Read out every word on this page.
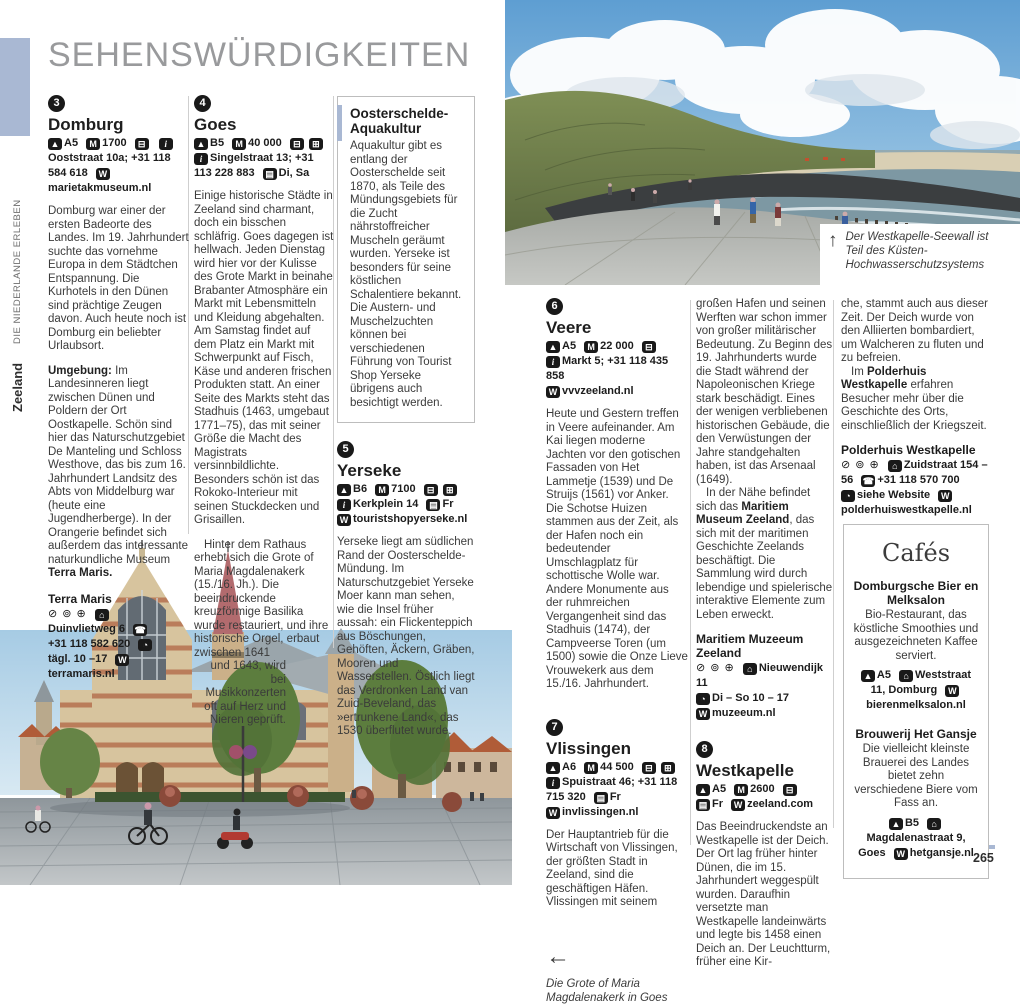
Zeeland  DIE NIEDERLANDE ERLEBEN
SEHENSWÜRDIGKEITEN
3
Domburg
▲ A5 M 1700 ⊟ iOoststraat 10a; +31 118 584 618 Wmarietakmuseum.nl

Domburg war einer der ersten Badeorte des Landes. Im 19. Jahrhundert suchte das vornehme Europa in dem Städtchen Entspannung. Die Kurhotels in den Dünen sind prächtige Zeugen davon. Auch heute noch ist Domburg ein beliebter Urlaubsort.

Umgebung: Im Landesinneren liegt zwischen Dünen und Poldern der Ort Oostkapelle. Schön sind hier das Naturschutzgebiet De Manteling und Schloss Westhove, das bis zum 16. Jahrhundert Landsitz des Abts von Middelburg war (heute eine Jugendherberge). In der Orangerie befindet sich außerdem das interessante naturkundliche Museum Terra Maris.

Terra Maris
⊘ ⊚ ⊕ ⌂Duinvlietweg 6 ☎+31 118 582 620 ◔tägl. 10 –17 Wterramaris.nl
4
Goes
▲ B5 M 40 000 ⊟ ⊞ i Singelstraat 13; +31 113 228 883 ▤ Di, Sa

Einige historische Städte in Zeeland sind charmant, doch ein bisschen schläfrig. Goes dagegen ist hellwach. Jeden Dienstag wird hier vor der Kulisse des Grote Markt in beinahe Brabanter Atmosphäre ein Markt mit Lebensmitteln und Kleidung abgehalten. Am Samstag findet auf dem Platz ein Markt mit Schwerpunkt auf Fisch, Käse und anderen frischen Produkten statt. An einer Seite des Markts steht das Stadhuis (1463, umgebaut 1771–75), das mit seiner Größe die Macht des Magistrats versinnbildlichte. Besonders schön ist das Rokoko-Interieur mit seinen Stuckdecken und Grisaillen.

Hinter dem Rathaus erhebt sich die Grote of Maria Magdalenakerk (15./16. Jh.). Die beeindruckende kreuzförmige Basilika wurde restauriert, und ihre historische Orgel, erbaut zwischen 1641

und 1643, wird bei Musikkonzerten oft auf Herz und Nieren geprüft.

Oosterschelde-Aquakultur
Aquakultur gibt es entlang der Oosterschelde seit 1870, als Teile des Mündungsgebiets für die Zucht nährstoffreicher Muscheln geräumt wurden. Yerseke ist besonders für seine köstlichen Schalentiere bekannt. Die Austern- und Muschelzuchten können bei verschiedenen Führung von Tourist Shop Yerseke übrigens auch besichtigt werden.
5
Yerseke
▲ B6 M 7100 ⊟ ⊞
i Kerkplein 14 ▤ Fr
W touristshopyerseke.nl

Yerseke liegt am südlichen Rand der Oosterschelde-Mündung. Im Naturschutzgebiet Yerseke Moer kann man sehen, wie die Insel früher aussah: ein Flickenteppich aus Böschungen, Gehöften, Äckern, Gräben, Mooren und Wasserstellen. Östlich liegt das Verdronken Land van Zuid-Beveland, das »ertrunkene Land«, das 1530 überflutet wurde.

↑ Der Westkapelle-Seewall ist Teil des Küsten-Hochwasserschutzsystems
6
Veere
▲ A5 M 22 000 ⊟
i Markt 5; +31 118 435 858
W vvvzeeland.nl

Heute und Gestern treffen in Veere aufeinander. Am Kai liegen moderne Jachten vor den gotischen Fassaden von Het Lammetje (1539) und De Struijs (1561) vor Anker. Die Schotse Huizen stammen aus der Zeit, als der Hafen noch ein bedeutender Umschlagplatz für schottische Wolle war. Andere Monumente aus der ruhmreichen Vergangenheit sind das Stadhuis (1474), der Campveerse Toren (um 1500) sowie die Onze Lieve Vrouwekerk aus dem 15./16. Jahrhundert.

7
Vlissingen
▲ A6 M 44 500 ⊟ ⊞
i Spuistraat 46; +31 118 715 320 ▤ Fr
W invlissingen.nl

Der Hauptantrieb für die Wirtschaft von Vlissingen, der größten Stadt in Zeeland, sind die geschäftigen Häfen. Vlissingen mit seinem

←
Die Grote of Maria Magdalenakerk in Goes

großen Hafen und seinen Werften war schon immer von großer militärischer Bedeutung. Zu Beginn des 19. Jahrhunderts wurde die Stadt während der Napoleonischen Kriege stark beschädigt. Eines der wenigen verbliebenen historischen Gebäude, die den Verwüstungen der Jahre standgehalten haben, ist das Arsenaal (1649).

In der Nähe befindet sich das Maritiem Museum Zeeland, das sich mit der maritimen Geschichte Zeelands beschäftigt. Die Sammlung wird durch lebendige und spielerische interaktive Elemente zum Leben erweckt.

Maritiem Muzeeum Zeeland
⊘ ⊚ ⊕ ⌂ Nieuwendijk 11
◔ Di – So 10 – 17
W muzeeum.nl
8
Westkapelle
▲ A5 M 2600 ⊟
▤ Fr W zeeland.com

Das Beeindruckendste an Westkapelle ist der Deich. Der Ort lag früher hinter Dünen, die im 15. Jahrhundert weggespült wurden. Daraufhin versetzte man Westkapelle landeinwärts und legte bis 1458 einen Deich an. Der Leuchtturm, früher eine Kir-

che, stammt auch aus dieser Zeit. Der Deich wurde von den Alliierten bombardiert, um Walcheren zu fluten und zu befreien.

Im Polderhuis Westkapelle erfahren Besucher mehr über die Geschichte des Orts, einschließlich der Kriegszeit.

Polderhuis Westkapelle
⊘ ⊚ ⊕ ⌂ Zuidstraat 154 – 56 ☎ +31 118 570 700
◔ siehe Website Wpolderhuiswestkapelle.nl
Cafés
Domburgsche Bier en Melksalon
Bio-Restaurant, das köstliche Smoothies und ausgezeichneten Kaffee serviert.
▲ A5 ⌂ Weststraat 11, Domburg Wbierenmelksalon.nl
Brouwerij Het Gansje
Die vielleicht kleinste Brauerei des Landes bietet zehn verschiedene Biere vom Fass an.
▲ B5 ⌂Magdalenastraat 9, Goes W hetgansje.nl 265
